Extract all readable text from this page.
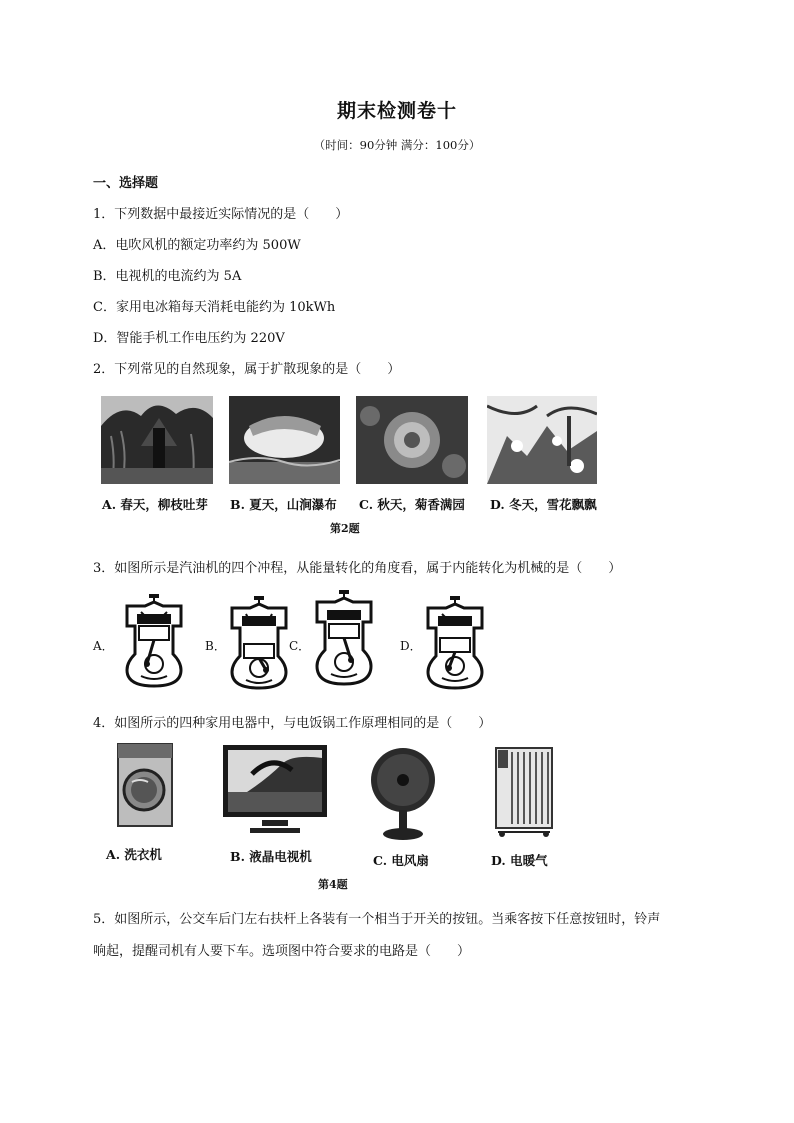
期末检测卷十
（时间：90分钟 满分：100分）
一、选择题
1．下列数据中最接近实际情况的是（　　）
A．电吹风机的额定功率约为 500W
B．电视机的电流约为 5A
C．家用电冰箱每天消耗电能约为 10kWh
D．智能手机工作电压约为 220V
2．下列常见的自然现象，属于扩散现象的是（　　）
A. 春天，柳枝吐芽 B. 夏天，山涧瀑布 C. 秋天，菊香满园 D. 冬天，雪花飘飘
第2题
3．如图所示是汽油机的四个冲程，从能量转化的角度看，属于内能转化为机械的是（　　）
A．	B．	C．	D．
4．如图所示的四种家用电器中，与电饭锅工作原理相同的是（　　）
A. 洗衣机	B. 液晶电视机	C. 电风扇	D. 电暖气
第4题
5．如图所示，公交车后门左右扶杆上各装有一个相当于开关的按钮。当乘客按下任意按钮时，铃声
响起，提醒司机有人要下车。选项图中符合要求的电路是（　　）
